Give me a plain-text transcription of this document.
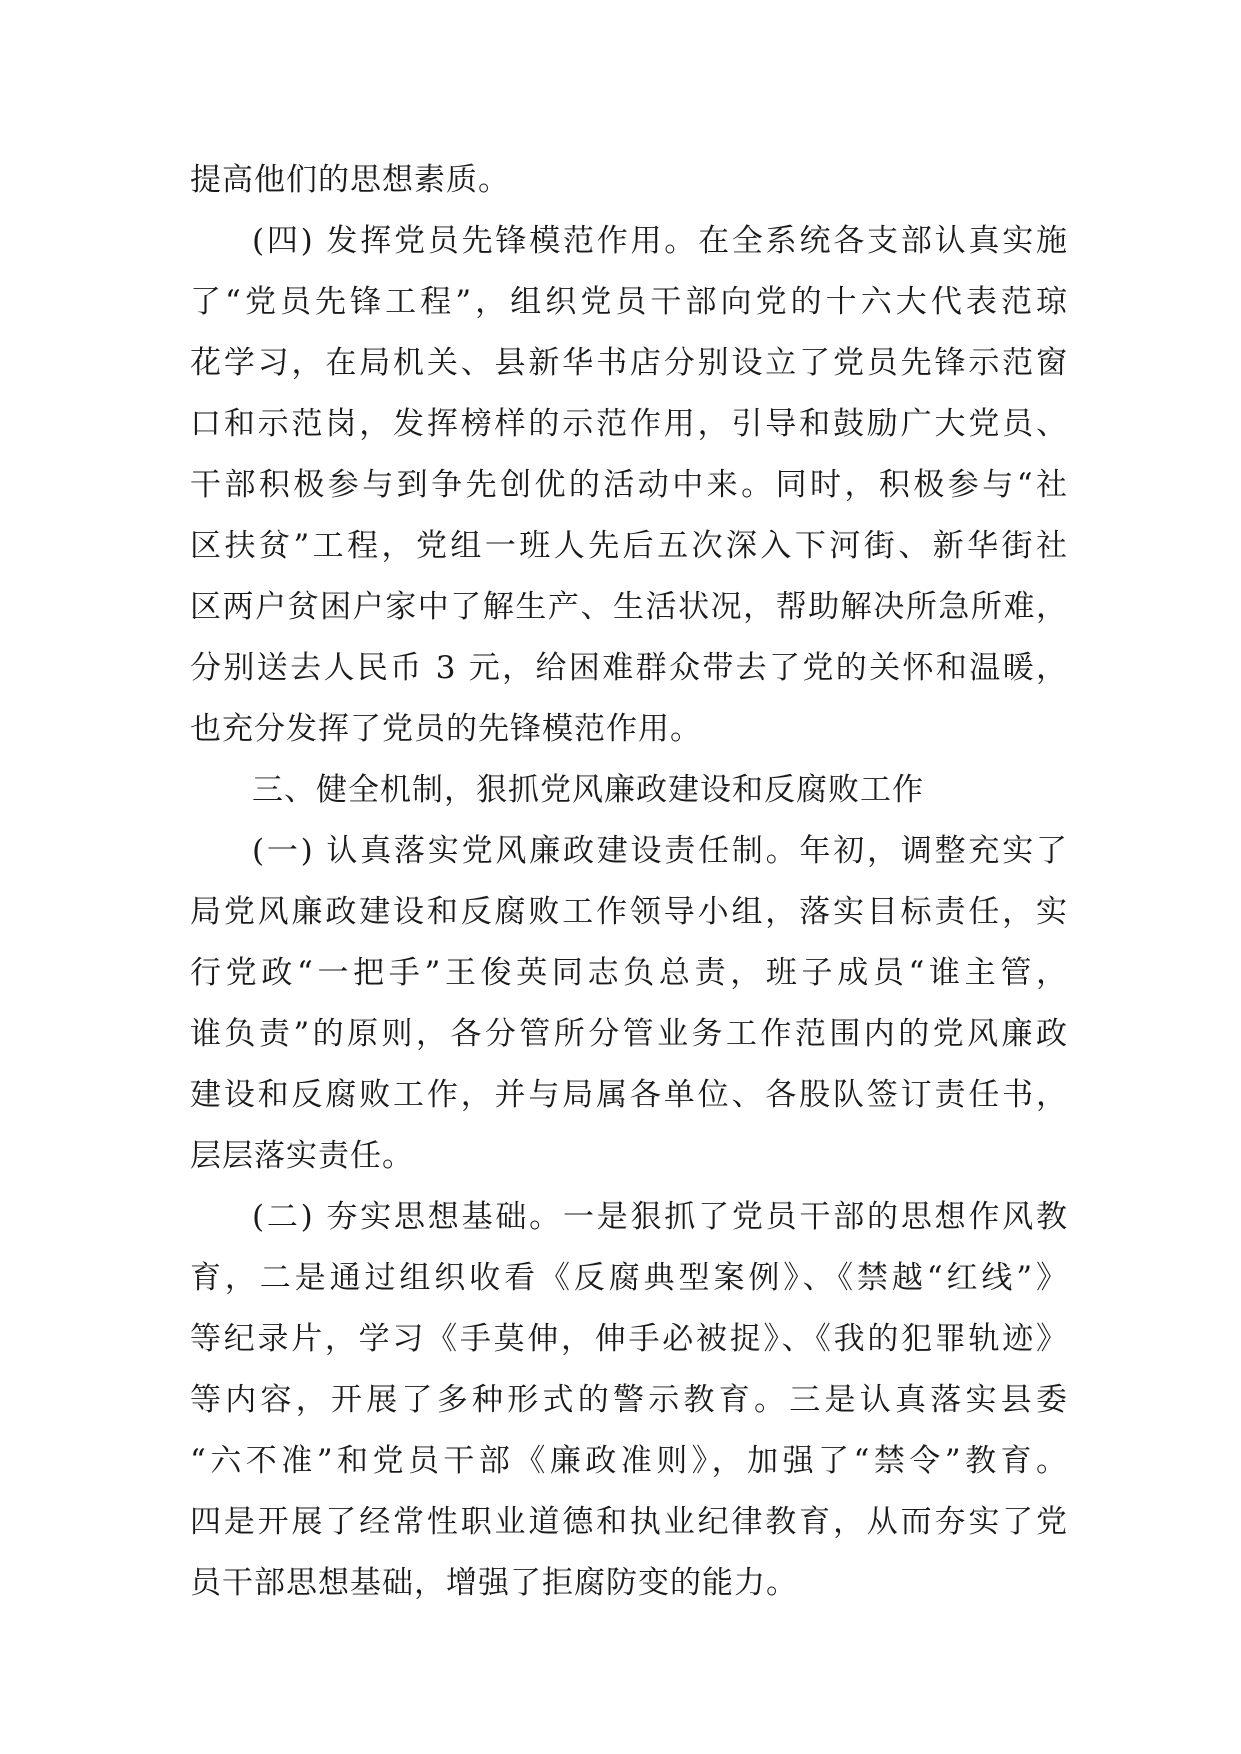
提高他们的思想素质。
(四) 发挥党员先锋模范作用。在全系统各支部认真实施
了“党员先锋工程”，组织党员干部向党的十六大代表范琼
花学习，在局机关、县新华书店分别设立了党员先锋示范窗
口和示范岗，发挥榜样的示范作用，引导和鼓励广大党员、
干部积极参与到争先创优的活动中来。同时，积极参与“社
区扶贫”工程，党组一班人先后五次深入下河街、新华街社
区两户贫困户家中了解生产、生活状况，帮助解决所急所难，
分别送去人民币 3 元，给困难群众带去了党的关怀和温暖，
也充分发挥了党员的先锋模范作用。
三、健全机制，狠抓党风廉政建设和反腐败工作
(一) 认真落实党风廉政建设责任制。年初，调整充实了
局党风廉政建设和反腐败工作领导小组，落实目标责任，实
行党政“一把手”王俊英同志负总责，班子成员“谁主管，
谁负责”的原则，各分管所分管业务工作范围内的党风廉政
建设和反腐败工作，并与局属各单位、各股队签订责任书，
层层落实责任。
(二) 夯实思想基础。一是狠抓了党员干部的思想作风教
育，二是通过组织收看《反腐典型案例》、《禁越“红线”》
等纪录片，学习《手莫伸，伸手必被捉》、《我的犯罪轨迹》
等内容，开展了多种形式的警示教育。三是认真落实县委
“六不准”和党员干部《廉政准则》，加强了“禁令”教育。
四是开展了经常性职业道德和执业纪律教育，从而夯实了党
员干部思想基础，增强了拒腐防变的能力。
